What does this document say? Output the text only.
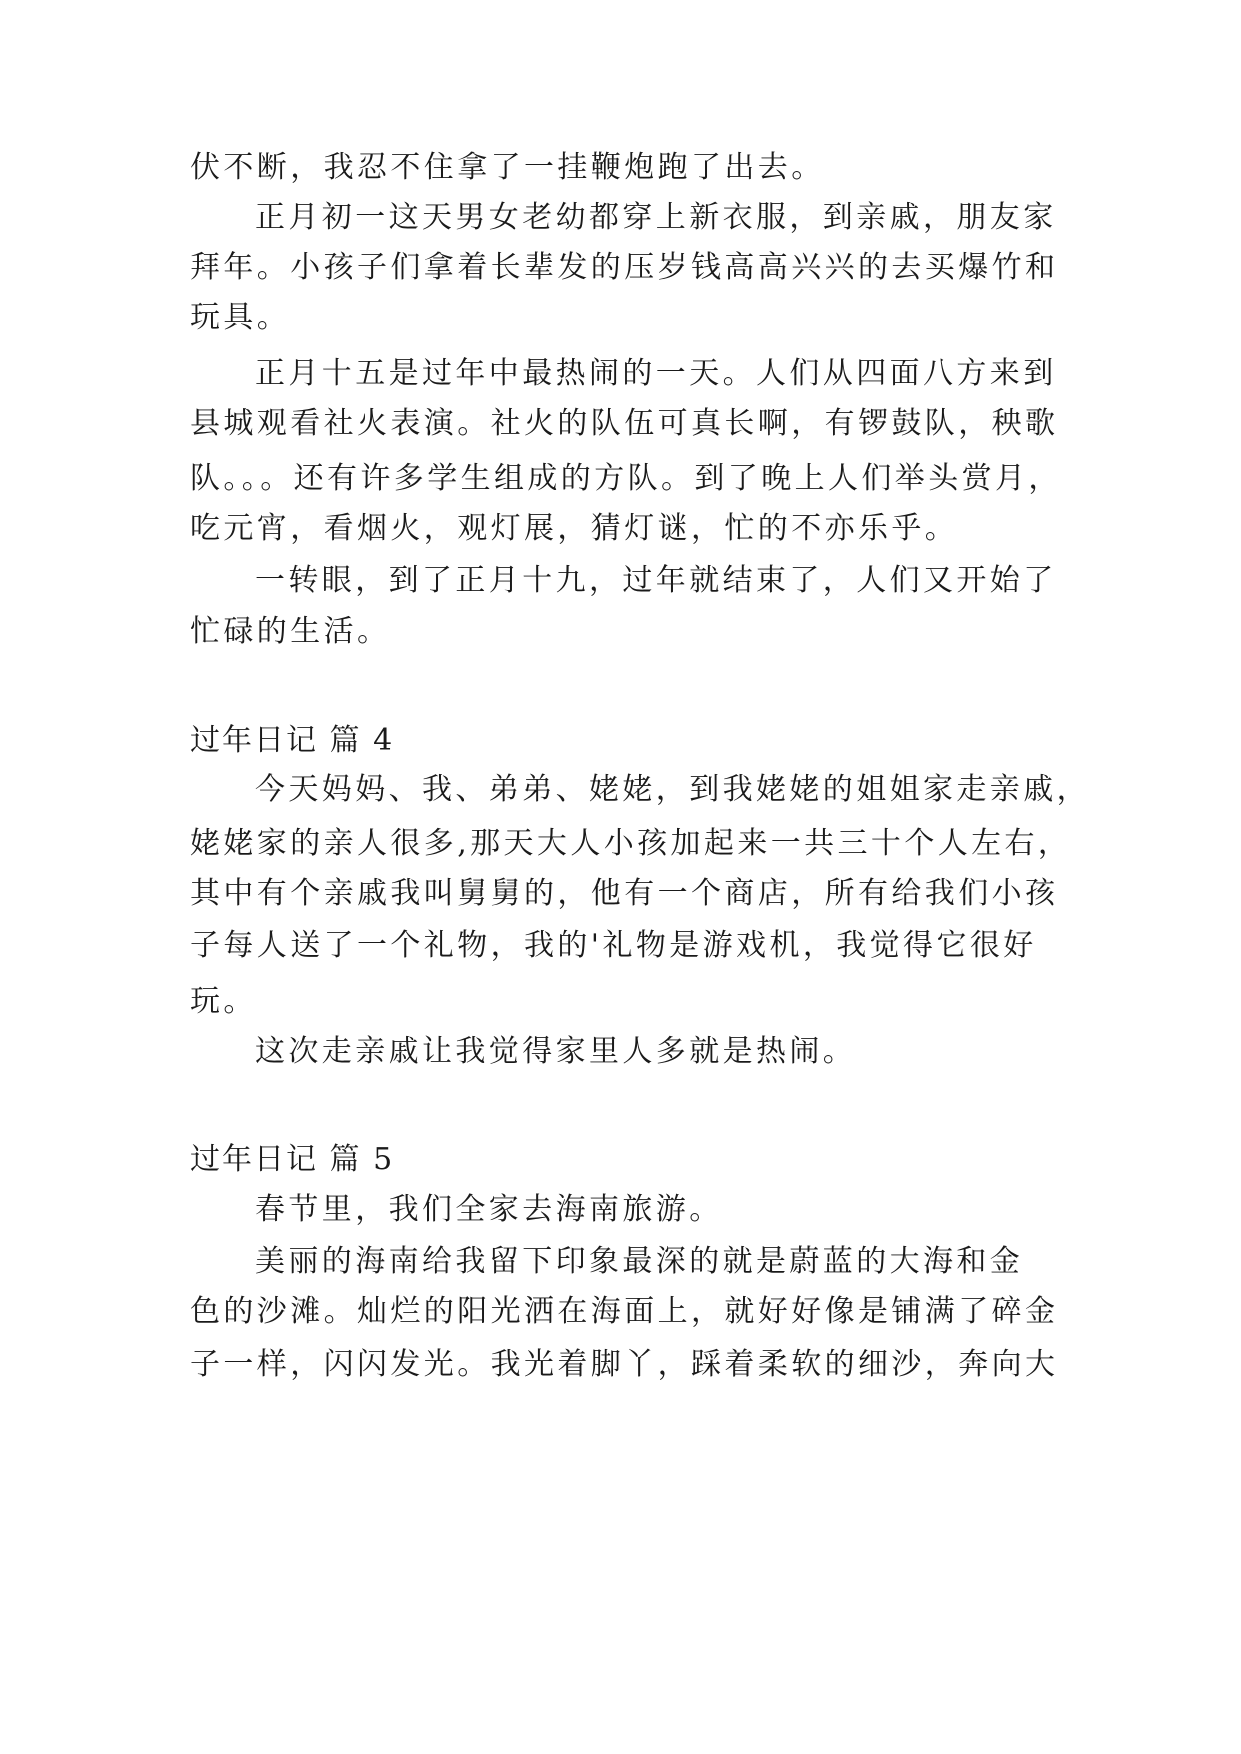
伏不断，我忍不住拿了一挂鞭炮跑了出去。
正月初一这天男女老幼都穿上新衣服，到亲戚，朋友家
拜年。小孩子们拿着长辈发的压岁钱高高兴兴的去买爆竹和
玩具。
正月十五是过年中最热闹的一天。人们从四面八方来到
县城观看社火表演。社火的队伍可真长啊，有锣鼓队，秧歌
队。。。还有许多学生组成的方队。到了晚上人们举头赏月，
吃元宵，看烟火，观灯展，猜灯谜，忙的不亦乐乎。
一转眼，到了正月十九，过年就结束了，人们又开始了
忙碌的生活。
过年日记 篇 4
今天妈妈、我、弟弟、姥姥，到我姥姥的姐姐家走亲戚，
姥姥家的亲人很多,那天大人小孩加起来一共三十个人左右，
其中有个亲戚我叫舅舅的，他有一个商店，所有给我们小孩
子每人送了一个礼物，我的'礼物是游戏机，我觉得它很好
玩。
这次走亲戚让我觉得家里人多就是热闹。
过年日记 篇 5
春节里，我们全家去海南旅游。
美丽的海南给我留下印象最深的就是蔚蓝的大海和金
色的沙滩。灿烂的阳光洒在海面上，就好好像是铺满了碎金
子一样，闪闪发光。我光着脚丫，踩着柔软的细沙，奔向大
